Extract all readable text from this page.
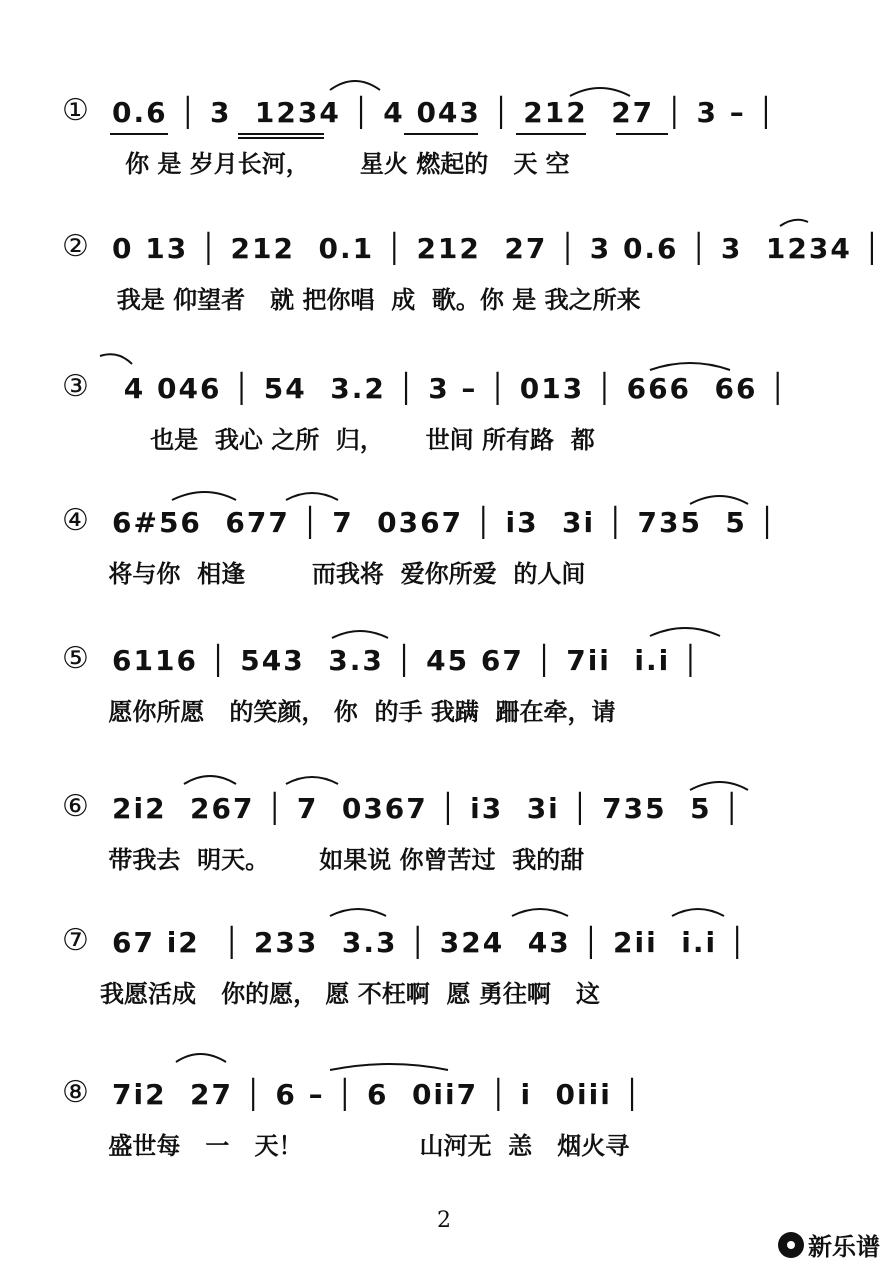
① 0.6 │ 3  1234 │ 4 043 │ 212  27 │ 3 – │
你 是 岁月长河，      星火 燃起的   天 空
② 0 13 │ 212  0.1 │ 212  27 │ 3 0.6 │ 3  1234 │
我是 仰望者   就 把你唱  成  歌。你 是 我之所来
③ 4 046 │ 54  3.2 │ 3 – │ 013 │ 666  66 │
也是  我心 之所  归，     世间 所有路  都
④ 6#56  677 │ 7  0367 │ i3  3i │ 735  5 │
将与你  相逢        而我将  爱你所爱  的人间
⑤ 6116 │ 543  3.3 │ 45 67 │ 7ii  i.i │
愿你所愿   的笑颜， 你  的手 我蹒  跚在牵，请
⑥ 2i2  267 │ 7  0367 │ i3  3i │ 735  5 │
带我去  明天。      如果说 你曾苦过  我的甜
⑦ 67 i2  │ 233  3.3 │ 324  43 │ 2ii  i.i │
我愿活成   你的愿， 愿 不枉啊  愿 勇往啊   这
⑧ 7i2  27 │ 6 – │ 6  0ii7 │ i  0iii │
盛世每   一   天！              山河无  恙   烟火寻
2
新乐谱
